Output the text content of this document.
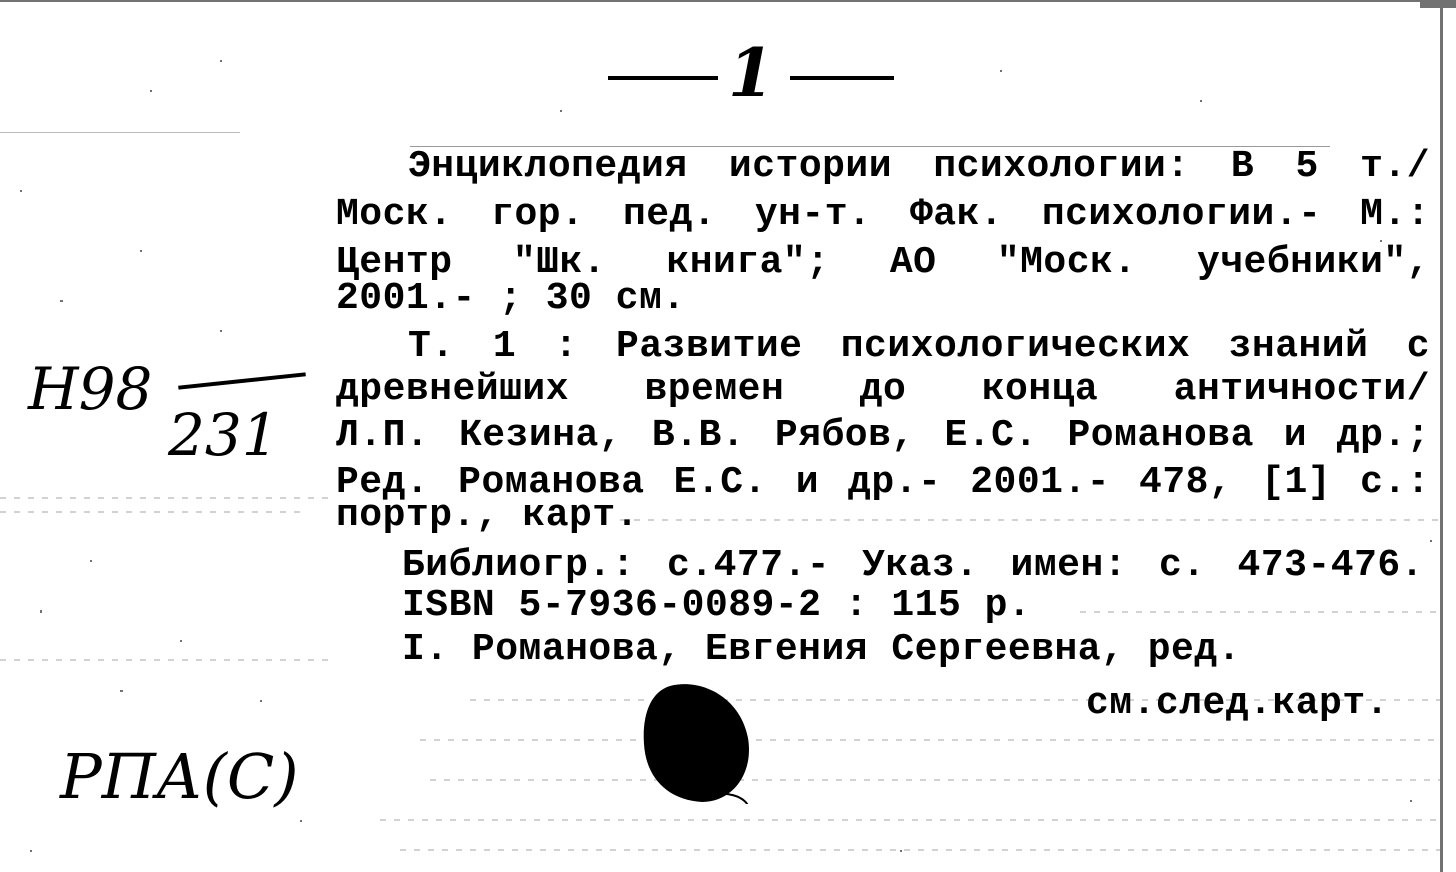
1
Н98
231
РПА(С)
Энциклопедия истории психологии: В 5 т./
Моск. гор. пед. ун-т. Фак. психологии.- М.:
Центр "Шк. книга"; АО "Моск. учебники",
2001.- ; 30 см.
Т. 1 : Развитие психологических знаний с
древнейших времен до конца античности/
Л.П. Кезина, В.В. Рябов, Е.С. Романова и др.;
Ред. Романова Е.С. и др.- 2001.- 478, [1] с.:
портр., карт.
Библиогр.: с.477.- Указ. имен: с. 473-476.
ISBN 5-7936-0089-2 : 115 р.
I. Романова, Евгения Сергеевна, ред.
см.след.карт.
